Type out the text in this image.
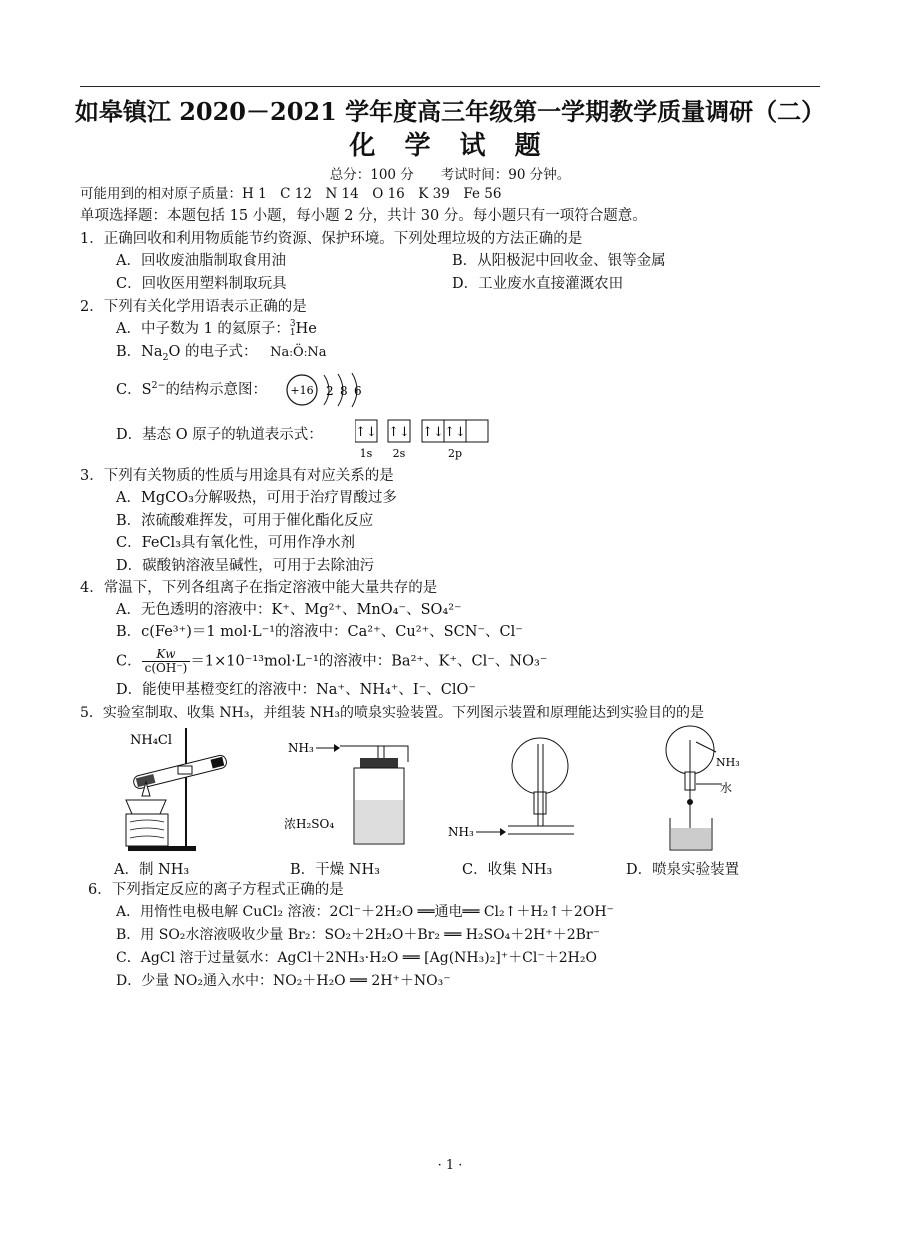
如皋镇江 2020－2021 学年度高三年级第一学期教学质量调研（二）
化 学 试 题
总分：100 分　　考试时间：90 分钟。
可能用到的相对原子质量：H 1　C 12　N 14　O 16　K 39　Fe 56
单项选择题：本题包括 15 小题，每小题 2 分，共计 30 分。每小题只有一项符合题意。
1．正确回收和利用物质能节约资源、保护环境。下列处理垃圾的方法正确的是
A．回收废油脂制取食用油	B．从阳极泥中回收金、银等金属
C．回收医用塑料制取玩具	D．工业废水直接灌溉农田
2．下列有关化学用语表示正确的是
A．中子数为 1 的氦原子： 3
1 He
B．$Na_2O$ 的电子式： Na:Ö:Na
C．$S^{2-}$的结构示意图： +16 2 8 6
D．基态 O 原子的轨道表示式： ↑↓ ↑↓ ↑↓ ↑↓
1s 2s	2p
3．下列有关物质的性质与用途具有对应关系的是
A．MgCO₃分解吸热，可用于治疗胃酸过多
B．浓硫酸难挥发，可用于催化酯化反应
C．FeCl₃具有氧化性，可用作净水剂
D．碳酸钠溶液呈碱性，可用于去除油污
4．常温下，下列各组离子在指定溶液中能大量共存的是
A．无色透明的溶液中：K⁺、Mg²⁺、MnO₄⁻、SO₄²⁻
B．c(Fe³⁺)＝1 mol·L⁻¹的溶液中：Ca²⁺、Cu²⁺、SCN⁻、Cl⁻
C． $\frac{Kw}{c(OH^-)} =1\times 10^{-13}mol\cdot L^{-1}$的溶液中：Ba²⁺、K⁺、Cl⁻、NO₃⁻
D．能使甲基橙变红的溶液中：Na⁺、NH₄⁺、I⁻、ClO⁻
5．实验室制取、收集 NH₃，并组装 NH₃的喷泉实验装置。下列图示装置和原理能达到实验目的的是
NH₄Cl
A．制 NH₃
NH₃
浓H₂SO₄
B．干燥 NH₃
NH₃
C．收集 NH₃
NH₃
水
D．喷泉实验装置
6．下列指定反应的离子方程式正确的是
A．用惰性电极电解 CuCl₂ 溶液：2Cl⁻＋2H₂O ══通电══ Cl₂↑＋H₂↑＋2OH⁻
B．用 SO₂水溶液吸收少量 Br₂：SO₂＋2H₂O＋Br₂ ══ H₂SO₄＋2H⁺＋2Br⁻
C．AgCl 溶于过量氨水：AgCl＋2NH₃·H₂O ══ [Ag(NH₃)₂]⁺＋Cl⁻＋2H₂O
D．少量 NO₂通入水中：NO₂＋H₂O ══ 2H⁺＋NO₃⁻
· 1 ·
